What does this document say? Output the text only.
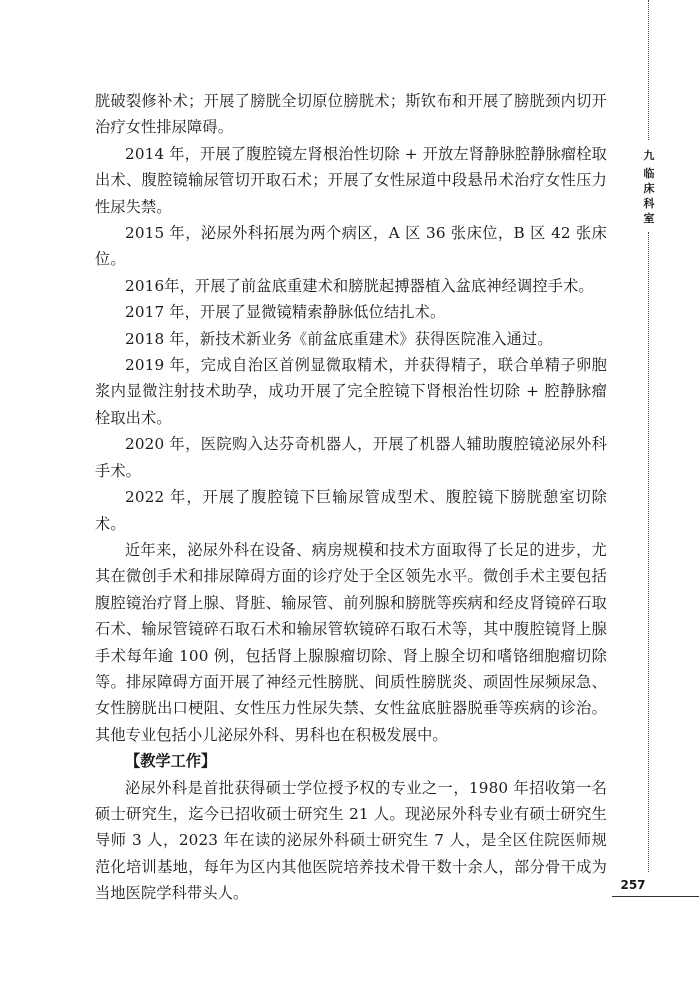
九
临床科室

胱破裂修补术；开展了膀胱全切原位膀胱术；斯钦布和开展了膀胱颈内切开治疗女性排尿障碍。

2014 年，开展了腹腔镜左肾根治性切除 + 开放左肾静脉腔静脉瘤栓取出术、腹腔镜输尿管切开取石术；开展了女性尿道中段悬吊术治疗女性压力性尿失禁。

2015 年，泌尿外科拓展为两个病区，A 区 36 张床位，B 区 42 张床位。

2016年，开展了前盆底重建术和膀胱起搏器植入盆底神经调控手术。

2017 年，开展了显微镜精索静脉低位结扎术。

2018 年，新技术新业务《前盆底重建术》获得医院准入通过。

2019 年，完成自治区首例显微取精术，并获得精子，联合单精子卵胞浆内显微注射技术助孕，成功开展了完全腔镜下肾根治性切除 + 腔静脉瘤栓取出术。

2020 年，医院购入达芬奇机器人，开展了机器人辅助腹腔镜泌尿外科手术。

2022 年，开展了腹腔镜下巨输尿管成型术、腹腔镜下膀胱憩室切除术。

近年来，泌尿外科在设备、病房规模和技术方面取得了长足的进步，尤其在微创手术和排尿障碍方面的诊疗处于全区领先水平。微创手术主要包括腹腔镜治疗肾上腺、肾脏、输尿管、前列腺和膀胱等疾病和经皮肾镜碎石取石术、输尿管镜碎石取石术和输尿管软镜碎石取石术等，其中腹腔镜肾上腺手术每年逾 100 例，包括肾上腺腺瘤切除、肾上腺全切和嗜铬细胞瘤切除等。排尿障碍方面开展了神经元性膀胱、间质性膀胱炎、顽固性尿频尿急、女性膀胱出口梗阻、女性压力性尿失禁、女性盆底脏器脱垂等疾病的诊治。其他专业包括小儿泌尿外科、男科也在积极发展中。

【教学工作】

泌尿外科是首批获得硕士学位授予权的专业之一，1980 年招收第一名硕士研究生，迄今已招收硕士研究生 21 人。现泌尿外科专业有硕士研究生导师 3 人，2023 年在读的泌尿外科硕士研究生 7 人，是全区住院医师规范化培训基地，每年为区内其他医院培养技术骨干数十余人，部分骨干成为当地医院学科带头人。	257
